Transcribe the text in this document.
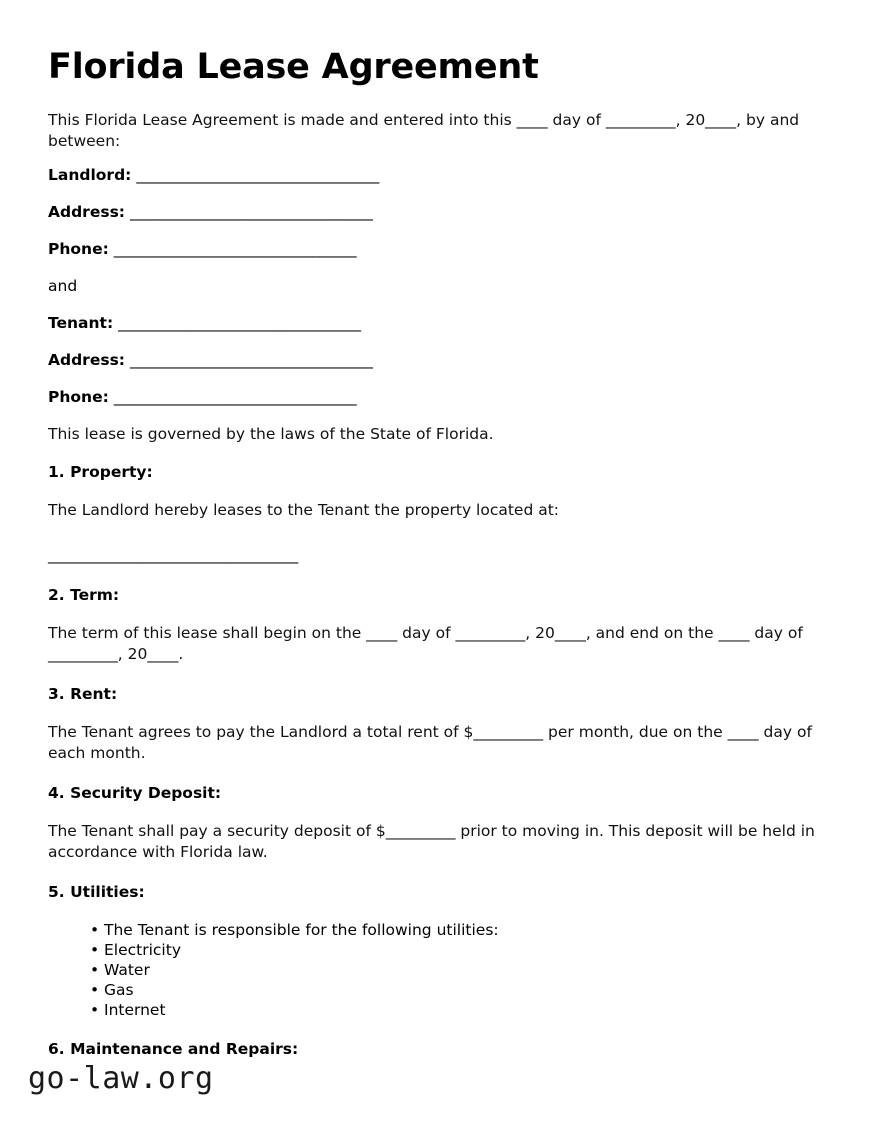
Florida Lease Agreement

This Florida Lease Agreement is made and entered into this ____ day of _________, 20____, by and between:

Landlord: _________________________________
Address: _________________________________
Phone: _________________________________

and

Tenant: _________________________________
Address: _________________________________
Phone: _________________________________

This lease is governed by the laws of the State of Florida.

1. Property:

The Landlord hereby leases to the Tenant the property located at:

__________________________________

2. Term:

The term of this lease shall begin on the ____ day of _________, 20____, and end on the ____ day of _________, 20____.

3. Rent:

The Tenant agrees to pay the Landlord a total rent of $_________ per month, due on the ____ day of each month.

4. Security Deposit:

The Tenant shall pay a security deposit of $_________ prior to moving in. This deposit will be held in accordance with Florida law.

5. Utilities:
• The Tenant is responsible for the following utilities:
• Electricity
• Water
• Gas
• Internet
6. Maintenance and Repairs:
go-law.org
